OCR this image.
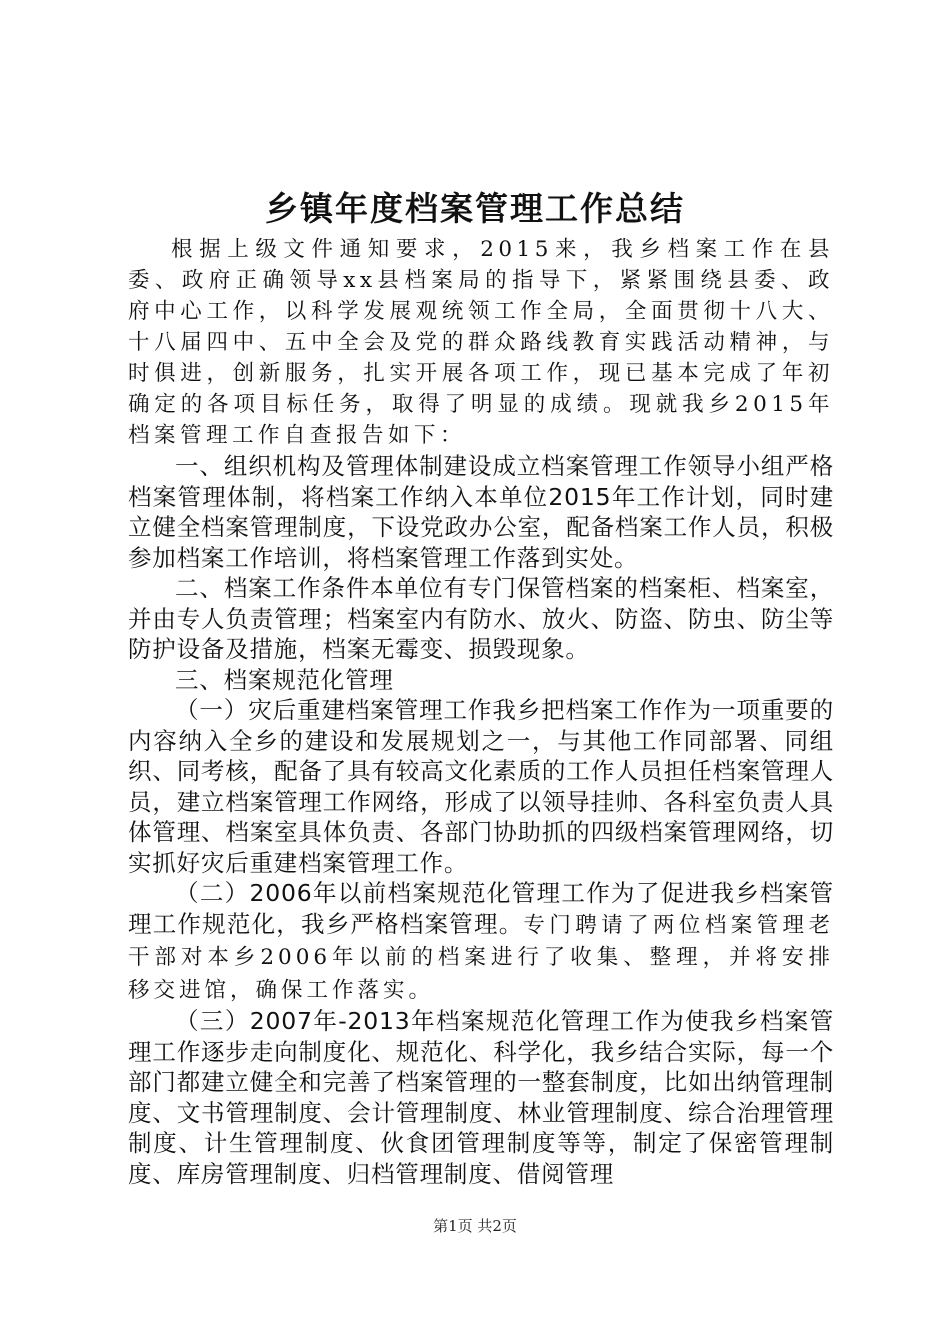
乡镇年度档案管理工作总结

根据上级文件通知要求，2015来，我乡档案工作在县委、政府正确领导xx县档案局的指导下，紧紧围绕县委、政府中心工作，以科学发展观统领工作全局，全面贯彻十八大、十八届四中、五中全会及党的群众路线教育实践活动精神，与时俱进，创新服务，扎实开展各项工作，现已基本完成了年初确定的各项目标任务，取得了明显的成绩。现就我乡2015年档案管理工作自查报告如下：

一、组织机构及管理体制建设成立档案管理工作领导小组严格档案管理体制，将档案工作纳入本单位2015年工作计划，同时建立健全档案管理制度，下设党政办公室，配备档案工作人员，积极参加档案工作培训，将档案管理工作落到实处。

二、档案工作条件本单位有专门保管档案的档案柜、档案室，并由专人负责管理；档案室内有防水、放火、防盗、防虫、防尘等防护设备及措施，档案无霉变、损毁现象。

三、档案规范化管理

（一）灾后重建档案管理工作我乡把档案工作作为一项重要的内容纳入全乡的建设和发展规划之一，与其他工作同部署、同组织、同考核，配备了具有较高文化素质的工作人员担任档案管理人员，建立档案管理工作网络，形成了以领导挂帅、各科室负责人具体管理、档案室具体负责、各部门协助抓的四级档案管理网络，切实抓好灾后重建档案管理工作。

（二）2006年以前档案规范化管理工作为了促进我乡档案管理工作规范化，我乡严格档案管理。专门聘请了两位档案管理老干部对本乡2006年以前的档案进行了收集、整理，并将安排移交进馆，确保工作落实。

（三）2007年-2013年档案规范化管理工作为使我乡档案管理工作逐步走向制度化、规范化、科学化，我乡结合实际，每一个部门都建立健全和完善了档案管理的一整套制度，比如出纳管理制度、文书管理制度、会计管理制度、林业管理制度、综合治理管理制度、计生管理制度、伙食团管理制度等等，制定了保密管理制度、库房管理制度、归档管理制度、借阅管理

第1页 共2页
